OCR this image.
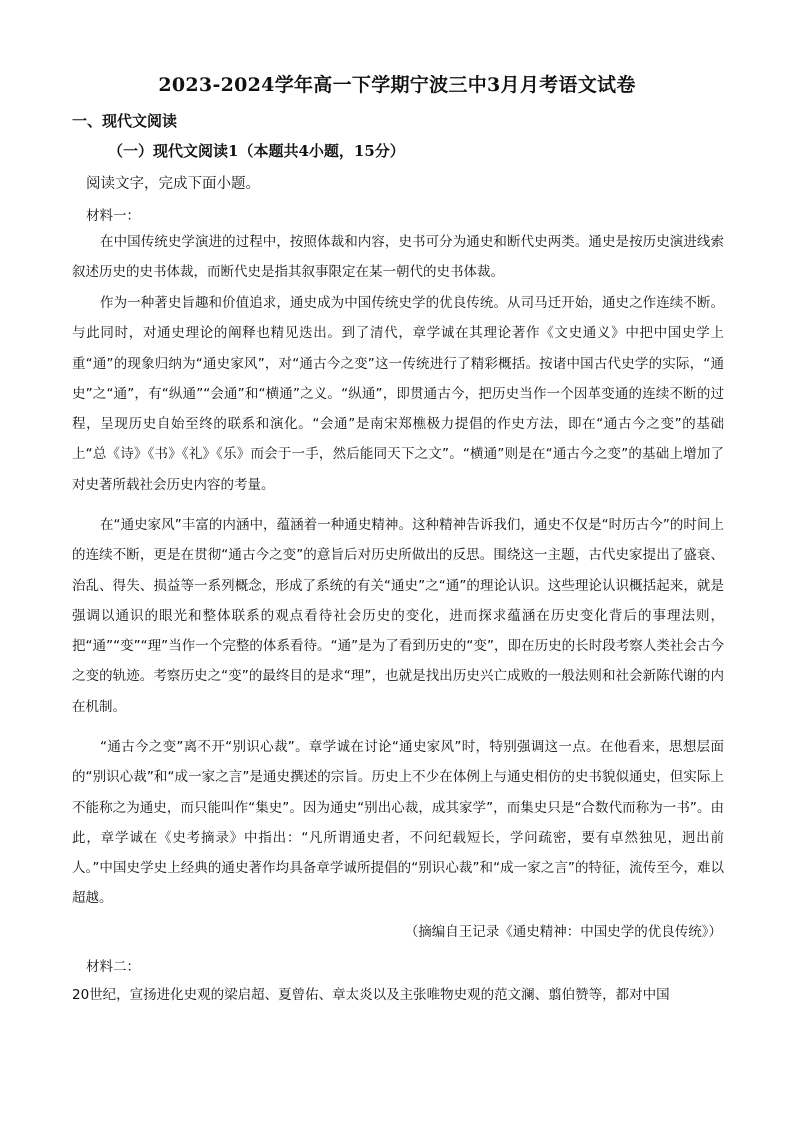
2023-2024学年高一下学期宁波三中3月月考语文试卷
一、现代文阅读
（一）现代文阅读1（本题共4小题，15分）
阅读文字，完成下面小题。
材料一：
在中国传统史学演进的过程中，按照体裁和内容，史书可分为通史和断代史两类。通史是按历史演进线索叙述历史的史书体裁，而断代史是指其叙事限定在某一朝代的史书体裁。
作为一种著史旨趣和价值追求，通史成为中国传统史学的优良传统。从司马迁开始，通史之作连续不断。与此同时，对通史理论的阐释也精见迭出。到了清代，章学诚在其理论著作《文史通义》中把中国史学上重“通”的现象归纳为“通史家风”，对“通古今之变”这一传统进行了精彩概括。按诸中国古代史学的实际，“通史”之“通”，有“纵通”“会通”和“横通”之义。“纵通”，即贯通古今，把历史当作一个因革变通的连续不断的过程，呈现历史自始至终的联系和演化。“会通”是南宋郑樵极力提倡的作史方法，即在“通古今之变”的基础上“总《诗》《书》《礼》《乐》而会于一手，然后能同天下之文”。“横通”则是在“通古今之变”的基础上增加了对史著所载社会历史内容的考量。
在“通史家风”丰富的内涵中，蕴涵着一种通史精神。这种精神告诉我们，通史不仅是“时历古今”的时间上的连续不断，更是在贯彻“通古今之变”的意旨后对历史所做出的反思。围绕这一主题，古代史家提出了盛衰、治乱、得失、损益等一系列概念，形成了系统的有关“通史”之“通”的理论认识。这些理论认识概括起来，就是强调以通识的眼光和整体联系的观点看待社会历史的变化，进而探求蕴涵在历史变化背后的事理法则，把“通”“变”“理”当作一个完整的体系看待。“通”是为了看到历史的“变”，即在历史的长时段考察人类社会古今之变的轨迹。考察历史之“变”的最终目的是求“理”，也就是找出历史兴亡成败的一般法则和社会新陈代谢的内在机制。
“通古今之变”离不开“别识心裁”。章学诚在讨论“通史家风”时，特别强调这一点。在他看来，思想层面的“别识心裁”和“成一家之言”是通史撰述的宗旨。历史上不少在体例上与通史相仿的史书貌似通史，但实际上不能称之为通史，而只能叫作“集史”。因为通史“别出心裁，成其家学”，而集史只是“合数代而称为一书”。由此，章学诚在《史考摘录》中指出：“凡所谓通史者，不问纪载短长，学问疏密，要有卓然独见，迥出前人。”中国史学史上经典的通史著作均具备章学诚所提倡的“别识心裁”和“成一家之言”的特征，流传至今，难以超越。
（摘编自王记录《通史精神：中国史学的优良传统》）
材料二：
20世纪，宣扬进化史观的梁启超、夏曾佑、章太炎以及主张唯物史观的范文澜、翦伯赞等，都对中国
